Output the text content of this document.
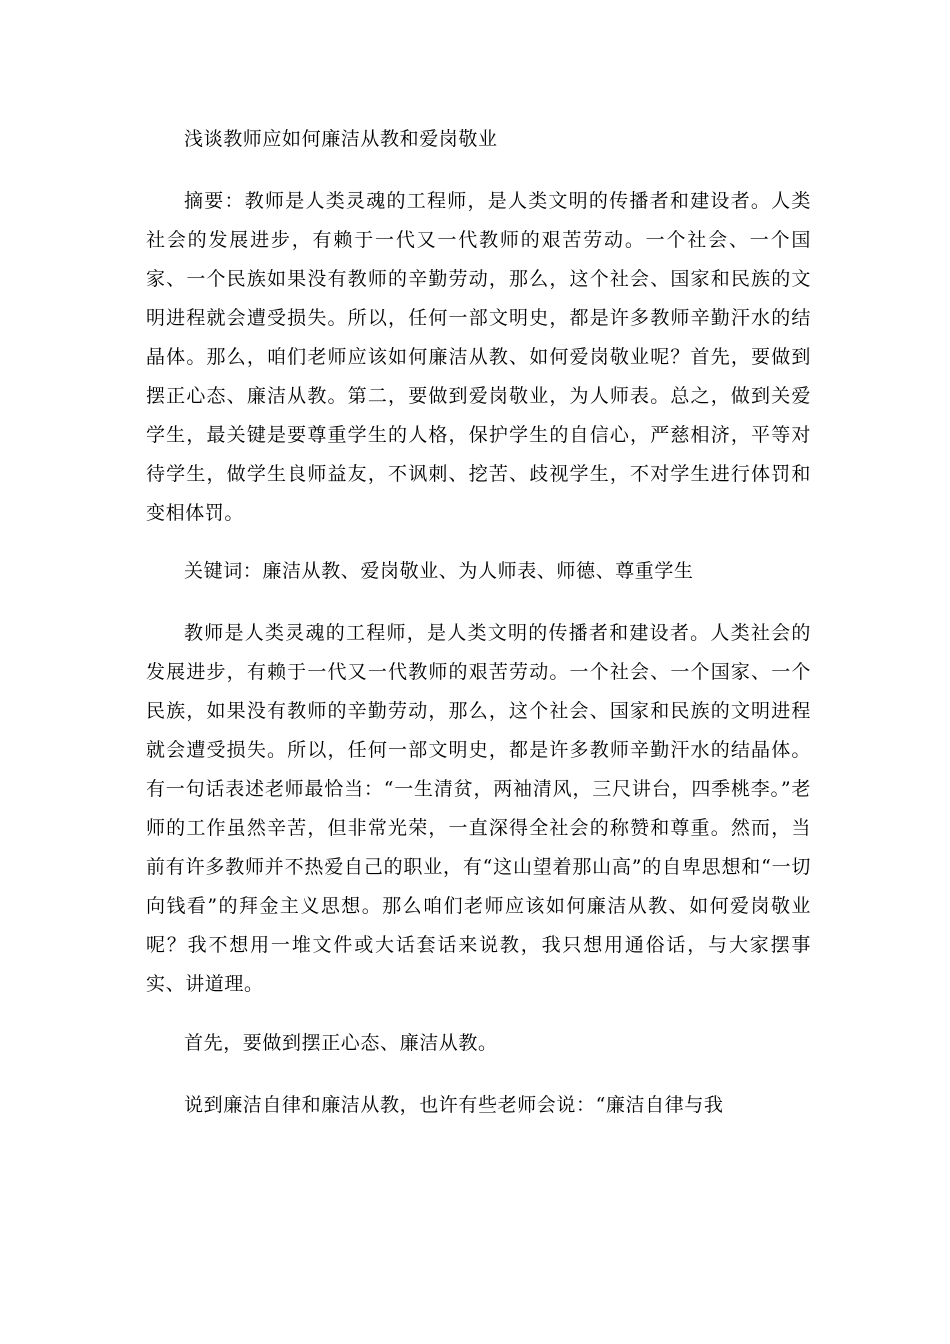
浅谈教师应如何廉洁从教和爱岗敬业

摘要：教师是人类灵魂的工程师，是人类文明的传播者和建设者。人类社会的发展进步，有赖于一代又一代教师的艰苦劳动。一个社会、一个国家、一个民族如果没有教师的辛勤劳动，那么，这个社会、国家和民族的文明进程就会遭受损失。所以，任何一部文明史，都是许多教师辛勤汗水的结晶体。那么，咱们老师应该如何廉洁从教、如何爱岗敬业呢？首先，要做到摆正心态、廉洁从教。第二，要做到爱岗敬业，为人师表。总之，做到关爱学生，最关键是要尊重学生的人格，保护学生的自信心，严慈相济，平等对待学生，做学生良师益友，不讽刺、挖苦、歧视学生，不对学生进行体罚和变相体罚。

关键词：廉洁从教、爱岗敬业、为人师表、师德、尊重学生

教师是人类灵魂的工程师，是人类文明的传播者和建设者。人类社会的发展进步，有赖于一代又一代教师的艰苦劳动。一个社会、一个国家、一个民族，如果没有教师的辛勤劳动，那么，这个社会、国家和民族的文明进程就会遭受损失。所以，任何一部文明史，都是许多教师辛勤汗水的结晶体。有一句话表述老师最恰当：“一生清贫，两袖清风，三尺讲台，四季桃李。”老师的工作虽然辛苦，但非常光荣，一直深得全社会的称赞和尊重。然而，当前有许多教师并不热爱自己的职业，有“这山望着那山高”的自卑思想和“一切向钱看”的拜金主义思想。那么咱们老师应该如何廉洁从教、如何爱岗敬业呢？我不想用一堆文件或大话套话来说教，我只想用通俗话，与大家摆事实、讲道理。

首先，要做到摆正心态、廉洁从教。

说到廉洁自律和廉洁从教，也许有些老师会说：“廉洁自律与我
